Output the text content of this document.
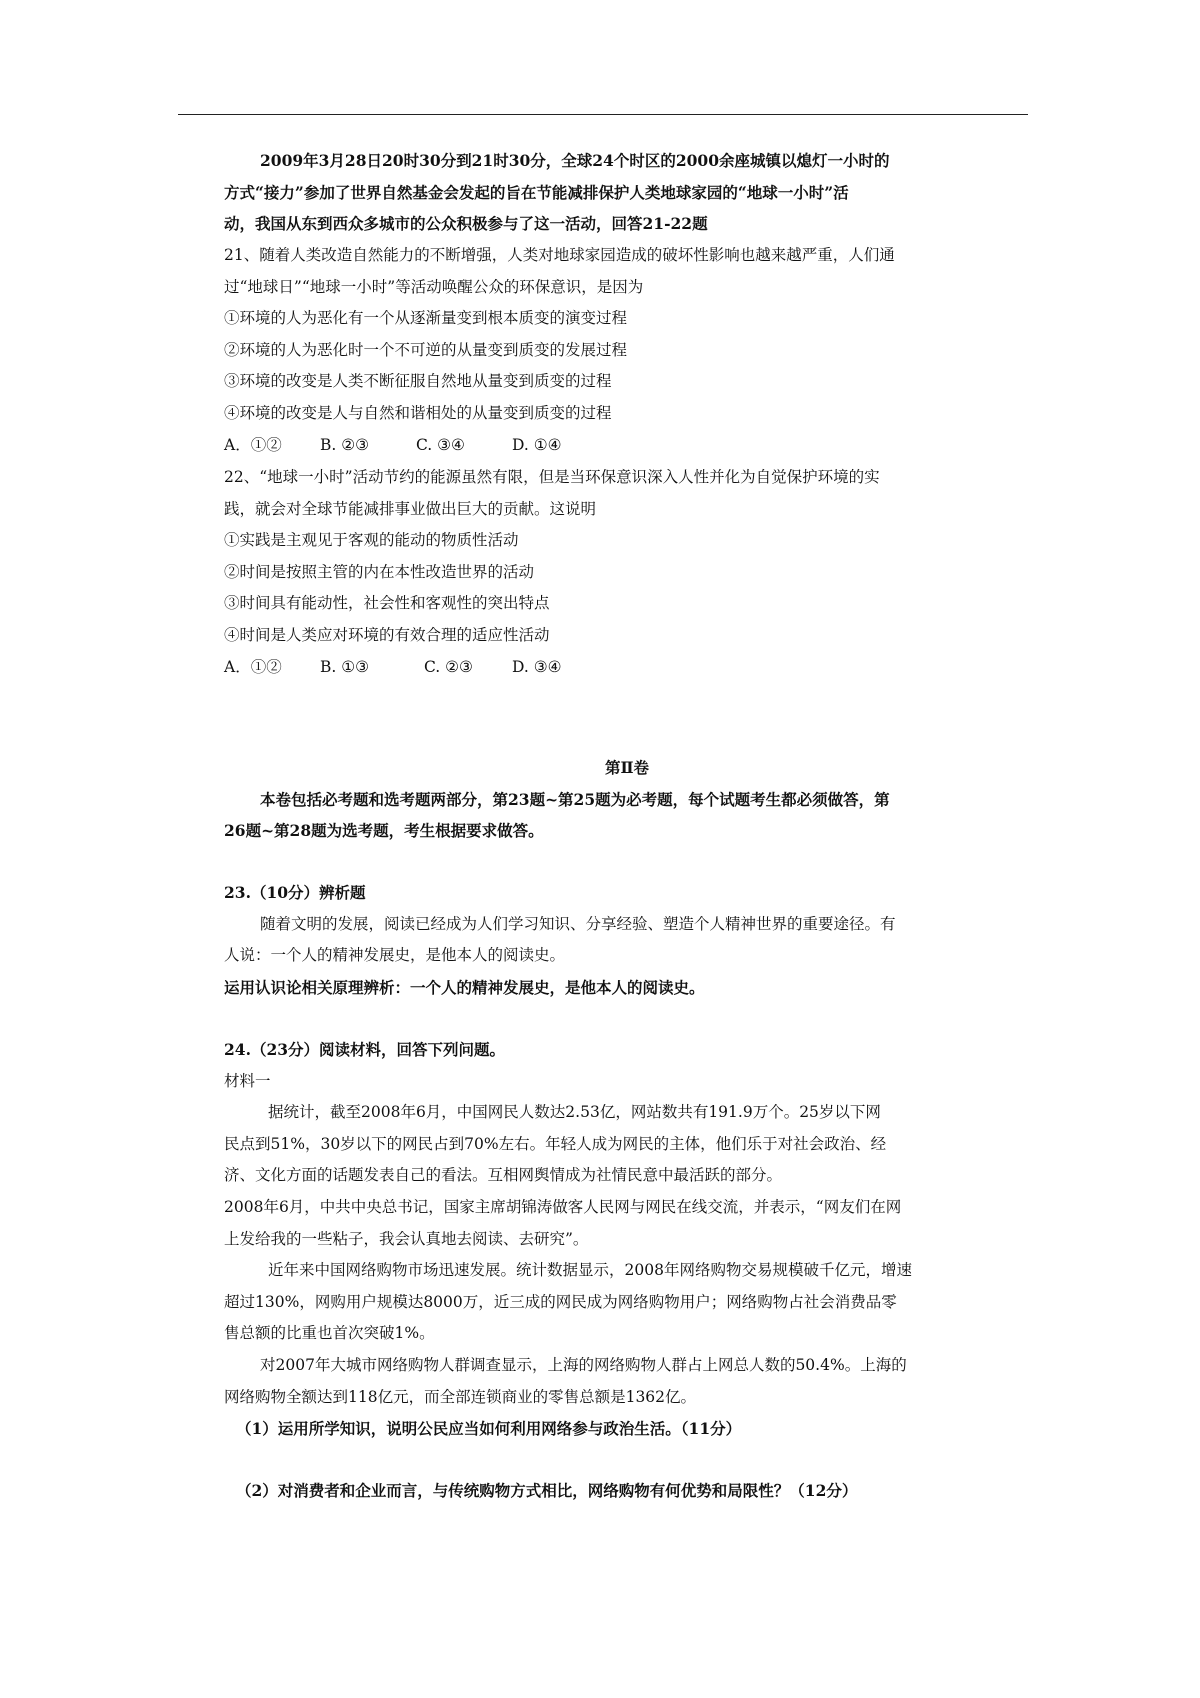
2009年3月28日20时30分到21时30分，全球24个时区的2000余座城镇以熄灯一小时的
方式“接力”参加了世界自然基金会发起的旨在节能减排保护人类地球家园的“地球一小时”活
动，我国从东到西众多城市的公众积极参与了这一活动，回答21-22题
21、随着人类改造自然能力的不断增强，人类对地球家园造成的破坏性影响也越来越严重，人们通
过“地球日”“地球一小时”等活动唤醒公众的环保意识，是因为
①环境的人为恶化有一个从逐渐量变到根本质变的演变过程
②环境的人为恶化时一个不可逆的从量变到质变的发展过程
③环境的改变是人类不断征服自然地从量变到质变的过程
④环境的改变是人与自然和谐相处的从量变到质变的过程
A．①②	B. ②③	C. ③④	D. ①④
22、“地球一小时”活动节约的能源虽然有限，但是当环保意识深入人性并化为自觉保护环境的实
践，就会对全球节能减排事业做出巨大的贡献。这说明
①实践是主观见于客观的能动的物质性活动
②时间是按照主管的内在本性改造世界的活动
③时间具有能动性，社会性和客观性的突出特点
④时间是人类应对环境的有效合理的适应性活动
A．①②	B. ①③	C. ②③	D. ③④
第Ⅱ卷
本卷包括必考题和选考题两部分，第23题~第25题为必考题，每个试题考生都必须做答，第
26题~第28题为选考题，考生根据要求做答。
23.（10分）辨析题
随着文明的发展，阅读已经成为人们学习知识、分享经验、塑造个人精神世界的重要途径。有
人说：一个人的精神发展史，是他本人的阅读史。
运用认识论相关原理辨析：一个人的精神发展史，是他本人的阅读史。
24.（23分）阅读材料，回答下列问题。
材料一
据统计，截至2008年6月，中国网民人数达2.53亿，网站数共有191.9万个。25岁以下网
民点到51%，30岁以下的网民占到70%左右。年轻人成为网民的主体，他们乐于对社会政治、经
济、文化方面的话题发表自己的看法。互相网舆情成为社情民意中最活跃的部分。
2008年6月，中共中央总书记，国家主席胡锦涛做客人民网与网民在线交流，并表示，“网友们在网
上发给我的一些粘子，我会认真地去阅读、去研究”。
近年来中国网络购物市场迅速发展。统计数据显示，2008年网络购物交易规模破千亿元，增速
超过130%，网购用户规模达8000万，近三成的网民成为网络购物用户；网络购物占社会消费品零
售总额的比重也首次突破1%。
对2007年大城市网络购物人群调查显示，上海的网络购物人群占上网总人数的50.4%。上海的
网络购物全额达到118亿元，而全部连锁商业的零售总额是1362亿。
（1）运用所学知识，说明公民应当如何利用网络参与政治生活。（11分）
（2）对消费者和企业而言，与传统购物方式相比，网络购物有何优势和局限性？（12分）
